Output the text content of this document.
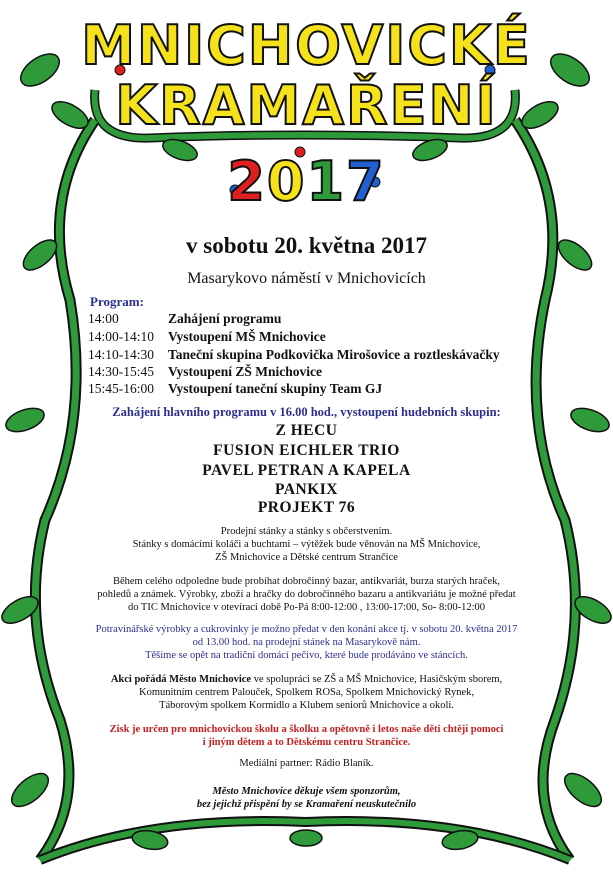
MNICHOVICKÉ
KRAMAŘENÍ
2017
v sobotu 20. května 2017
Masarykovo náměstí v Mnichovicích
Program:
14:00	Zahájení programu
14:00-14:10 Vystoupení MŠ Mnichovice
14:10-14:30 Taneční skupina Podkovička Mirošovice a roztleskávačky
14:30-15:45 Vystoupení ZŠ Mnichovice
15:45-16:00 Vystoupení taneční skupiny Team GJ
Zahájení hlavního programu v 16.00 hod., vystoupení hudebních skupin:
Z HECU
FUSION EICHLER TRIO
PAVEL PETRAN A KAPELA
PANKIX
PROJEKT 76
Prodejní stánky a stánky s občerstvením.
Stánky s domácími koláči a buchtami – výtěžek bude věnován na MŠ Mnichovice,
ZŠ Mnichovice a Dětské centrum Strančice
Během celého odpoledne bude probíhat dobročinný bazar, antikvariát, burza starých hraček,
pohledů a známek. Výrobky, zboží a hračky do dobročinného bazaru a antikvariátu je možné předat
do TIC Mnichovice v otevírací době Po-Pá 8:00-12:00 , 13:00-17:00, So- 8:00-12:00
Potravinářské výrobky a cukrovinky je možno předat v den konání akce tj. v sobotu 20. května 2017
od 13.00 hod. na prodejní stánek na Masarykově nám.
Těšíme se opět na tradiční domácí pečivo, které bude prodáváno ve stáncích.
Akci pořádá Město Mnichovice ve spolupráci se ZŠ a MŠ Mnichovice, Hasičským sborem,
Komunitním centrem Palouček, Spolkem ROSa, Spolkem Mnichovický Rynek,
Táborovým spolkem Kormidlo a Klubem seniorů Mnichovice a okolí.
Zisk je určen pro mnichovickou školu a školku a opětovně i letos naše děti chtějí pomoci
i jiným dětem a to Dětskému centru Strančice.
Mediální partner: Rádio Blaník.
Město Mnichovice děkuje všem sponzorům,
bez jejichž přispění by se Kramaření neuskutečnilo
